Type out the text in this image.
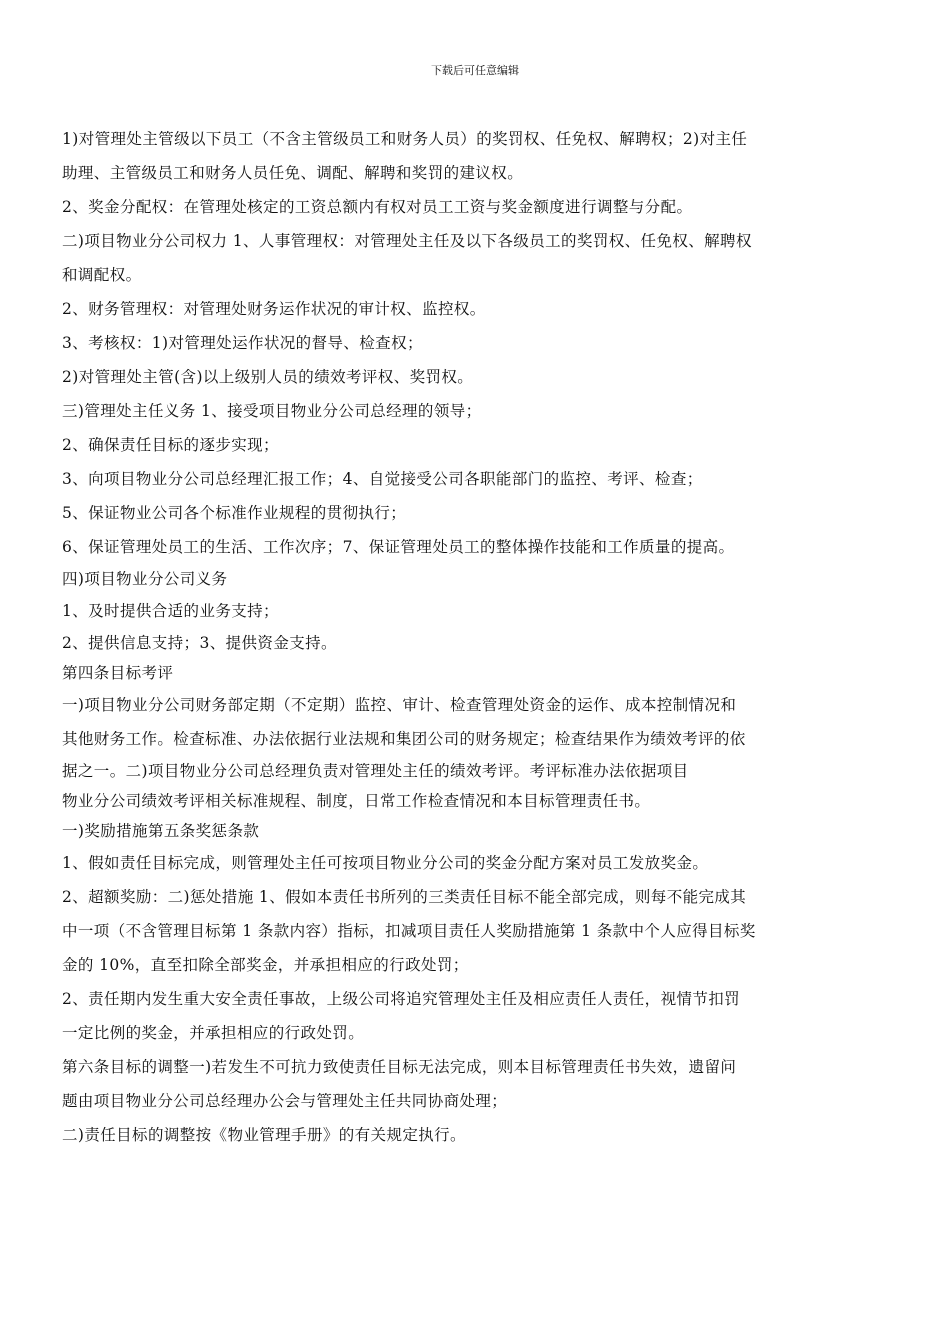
下载后可任意编辑
1)对管理处主管级以下员工（不含主管级员工和财务人员）的奖罚权、任免权、解聘权；2)对主任
助理、主管级员工和财务人员任免、调配、解聘和奖罚的建议权。
2、奖金分配权：在管理处核定的工资总额内有权对员工工资与奖金额度进行调整与分配。
二)项目物业分公司权力 1、人事管理权：对管理处主任及以下各级员工的奖罚权、任免权、解聘权
和调配权。
2、财务管理权：对管理处财务运作状况的审计权、监控权。
3、考核权：1)对管理处运作状况的督导、检查权；
2)对管理处主管(含)以上级别人员的绩效考评权、奖罚权。
三)管理处主任义务 1、接受项目物业分公司总经理的领导；
2、确保责任目标的逐步实现；
3、向项目物业分公司总经理汇报工作；4、自觉接受公司各职能部门的监控、考评、检查；
5、保证物业公司各个标准作业规程的贯彻执行；
6、保证管理处员工的生活、工作次序；7、保证管理处员工的整体操作技能和工作质量的提高。
四)项目物业分公司义务
1、及时提供合适的业务支持；
2、提供信息支持；3、提供资金支持。
第四条目标考评
一)项目物业分公司财务部定期（不定期）监控、审计、检查管理处资金的运作、成本控制情况和
其他财务工作。检查标准、办法依据行业法规和集团公司的财务规定；检查结果作为绩效考评的依
据之一。二)项目物业分公司总经理负责对管理处主任的绩效考评。考评标准办法依据项目
物业分公司绩效考评相关标准规程、制度，日常工作检查情况和本目标管理责任书。
一)奖励措施第五条奖惩条款
1、假如责任目标完成，则管理处主任可按项目物业分公司的奖金分配方案对员工发放奖金。
2、超额奖励：二)惩处措施 1、假如本责任书所列的三类责任目标不能全部完成，则每不能完成其
中一项（不含管理目标第 1 条款内容）指标，扣减项目责任人奖励措施第 1 条款中个人应得目标奖
金的 10%，直至扣除全部奖金，并承担相应的行政处罚；
2、责任期内发生重大安全责任事故，上级公司将追究管理处主任及相应责任人责任，视情节扣罚
一定比例的奖金，并承担相应的行政处罚。
第六条目标的调整一)若发生不可抗力致使责任目标无法完成，则本目标管理责任书失效，遗留问
题由项目物业分公司总经理办公会与管理处主任共同协商处理；
二)责任目标的调整按《物业管理手册》的有关规定执行。
